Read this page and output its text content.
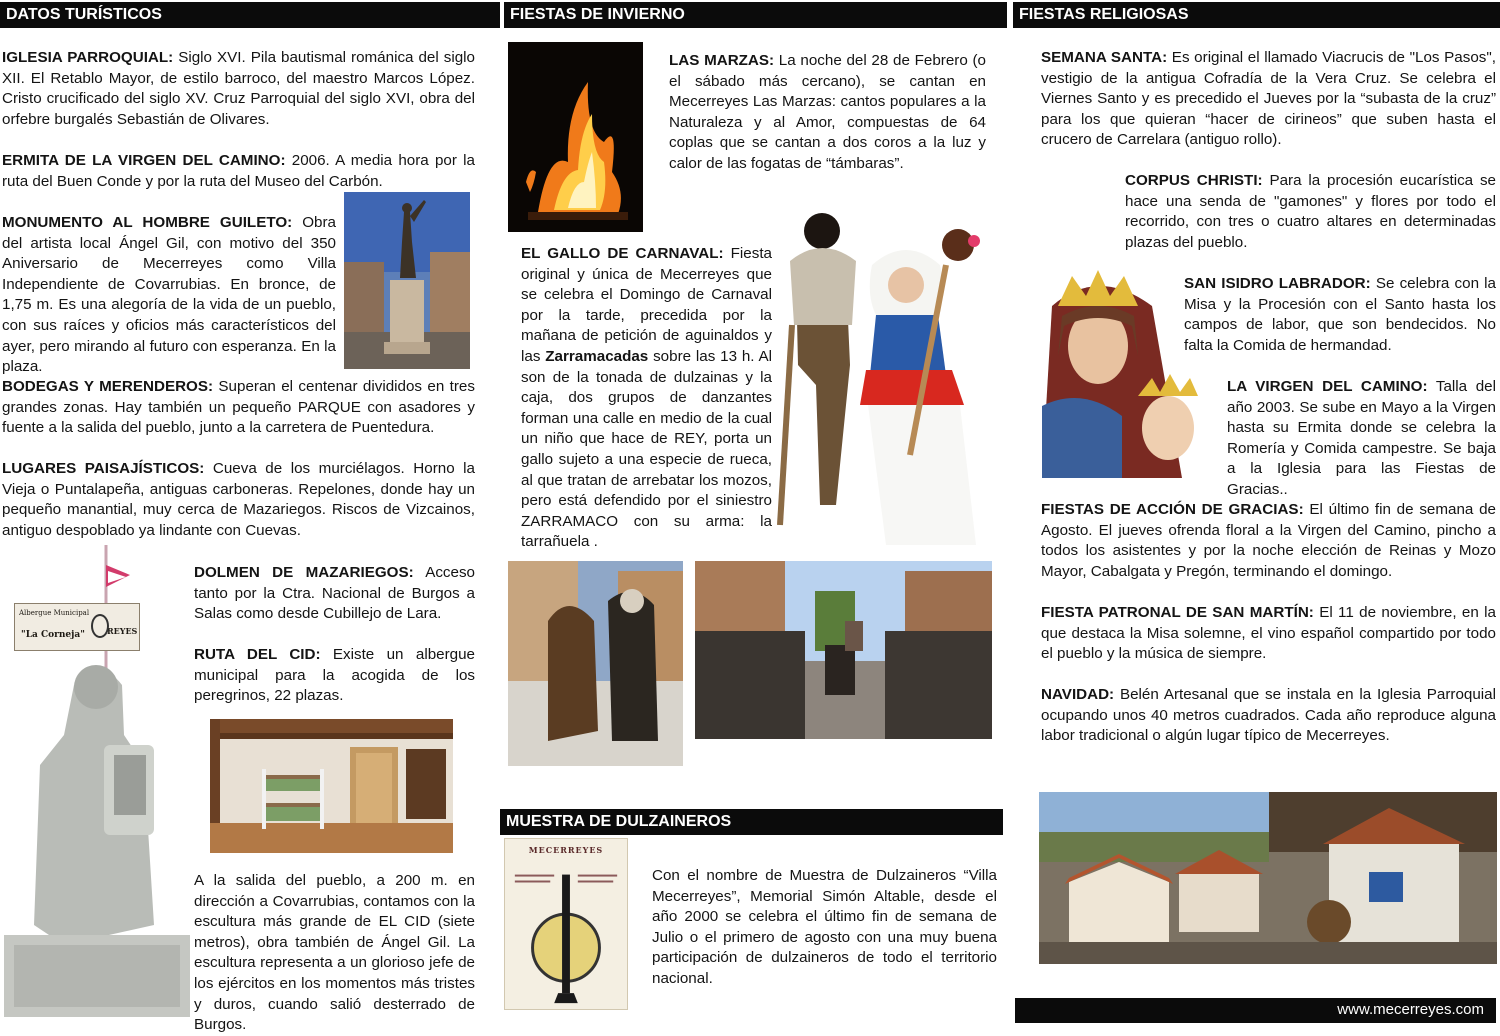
DATOS TURÍSTICOS	FIESTAS DE INVIERNO	FIESTAS RELIGIOSAS
IGLESIA PARROQUIAL: Siglo XVI. Pila bautismal románica del siglo XII. El Retablo Mayor, de estilo barroco, del maestro Marcos López. Cristo crucificado del siglo XV. Cruz Parroquial del siglo XVI, obra del orfebre burgalés Sebastián de Olivares.
ERMITA DE LA VIRGEN DEL CAMINO: 2006. A media hora por la ruta del Buen Conde y por la ruta del Museo del Carbón.
MONUMENTO AL HOMBRE GUILETO: Obra del artista local Ángel Gil, con motivo del 350 Aniversario de Mecerreyes como Villa Independiente de Covarrubias. En bronce, de 1,75 m. Es una alegoría de la vida de un pueblo, con sus raíces y oficios más característicos del ayer, pero mirando al futuro con esperanza. En la plaza.
BODEGAS Y MERENDEROS: Superan el centenar divididos en tres grandes zonas. Hay también un pequeño PARQUE con asadores y fuente a la salida del pueblo, junto a la carretera de Puentedura.
LUGARES PAISAJÍSTICOS: Cueva de los murciélagos. Horno la Vieja o Puntalapeña, antiguas carboneras. Repelones, donde hay un pequeño manantial, muy cerca de Mazariegos. Riscos de Vizcainos, antiguo despoblado ya lindante con Cuevas.
Albergue Municipal
"La Corneja"	REYES
DOLMEN DE MAZARIEGOS: Acceso tanto por la Ctra. Nacional de Burgos a Salas como desde Cubillejo de Lara.
RUTA DEL CID: Existe un albergue municipal para la acogida de los peregrinos, 22 plazas.
A la salida del pueblo, a 200 m. en dirección a Covarrubias, contamos con la escultura más grande de EL CID (siete metros), obra también de Ángel Gil. La escultura representa a un glorioso jefe de los ejércitos en los momentos más tristes y duros, cuando salió desterrado de Burgos.
LAS MARZAS: La noche del 28 de Febrero (o el sábado más cercano), se cantan en Mecerreyes Las Marzas: cantos populares a la Naturaleza y al Amor, compuestas de 64 coplas que se cantan a dos coros a la luz y calor de las fogatas de “támbaras”.
EL GALLO DE CARNAVAL: Fiesta original y única de Mecerreyes que se celebra el Domingo de Carnaval por la tarde, precedida por la mañana de petición de aguinaldos y las Zarramacadas sobre las 13 h. Al son de la tonada de dulzainas y la caja, dos grupos de danzantes forman una calle en medio de la cual un niño que hace de REY, porta un gallo sujeto a una especie de rueca, al que tratan de arrebatar los mozos, pero está defendido por el siniestro ZARRAMACO con su arma: la tarrañuela .
MUESTRA DE DULZAINEROS
MECERREYES
Con el nombre de Muestra de Dulzaineros “Villa Mecerreyes”, Memorial Simón Altable, desde el año 2000 se celebra el último fin de semana de Julio o el primero de agosto con una muy buena participación de dulzaineros de todo el territorio nacional.
SEMANA SANTA: Es original el llamado Viacrucis de "Los Pasos", vestigio de la antigua Cofradía de la Vera Cruz. Se celebra el Viernes Santo y es precedido el Jueves por la “subasta de la cruz” para los que quieran “hacer de cirineos” que suben hasta el crucero de Carrelara (antiguo rollo).
CORPUS CHRISTI: Para la procesión eucarística se hace una senda de "gamones" y flores por todo el recorrido, con tres o cuatro altares en determinadas plazas del pueblo.
SAN ISIDRO LABRADOR: Se celebra con la Misa y la Procesión con el Santo hasta los campos de labor, que son bendecidos. No falta la Comida de hermandad.
LA VIRGEN DEL CAMINO: Talla del año 2003. Se sube en Mayo a la Virgen hasta su Ermita donde se celebra la Romería y Comida campestre. Se baja a la Iglesia para las Fiestas de Gracias..
FIESTAS DE ACCIÓN DE GRACIAS: El último fin de semana de Agosto. El jueves ofrenda floral a la Virgen del Camino, pincho a todos los asistentes y por la noche elección de Reinas y Mozo Mayor, Cabalgata y Pregón, terminando el domingo.
FIESTA PATRONAL DE SAN MARTÍN: El 11 de noviembre, en la que destaca la Misa solemne, el vino español compartido por todo el pueblo y la música de siempre.
NAVIDAD: Belén Artesanal que se instala en la Iglesia Parroquial ocupando unos 40 metros cuadrados. Cada año reproduce alguna labor tradicional o algún lugar típico de Mecerreyes.
www.mecerreyes.com
